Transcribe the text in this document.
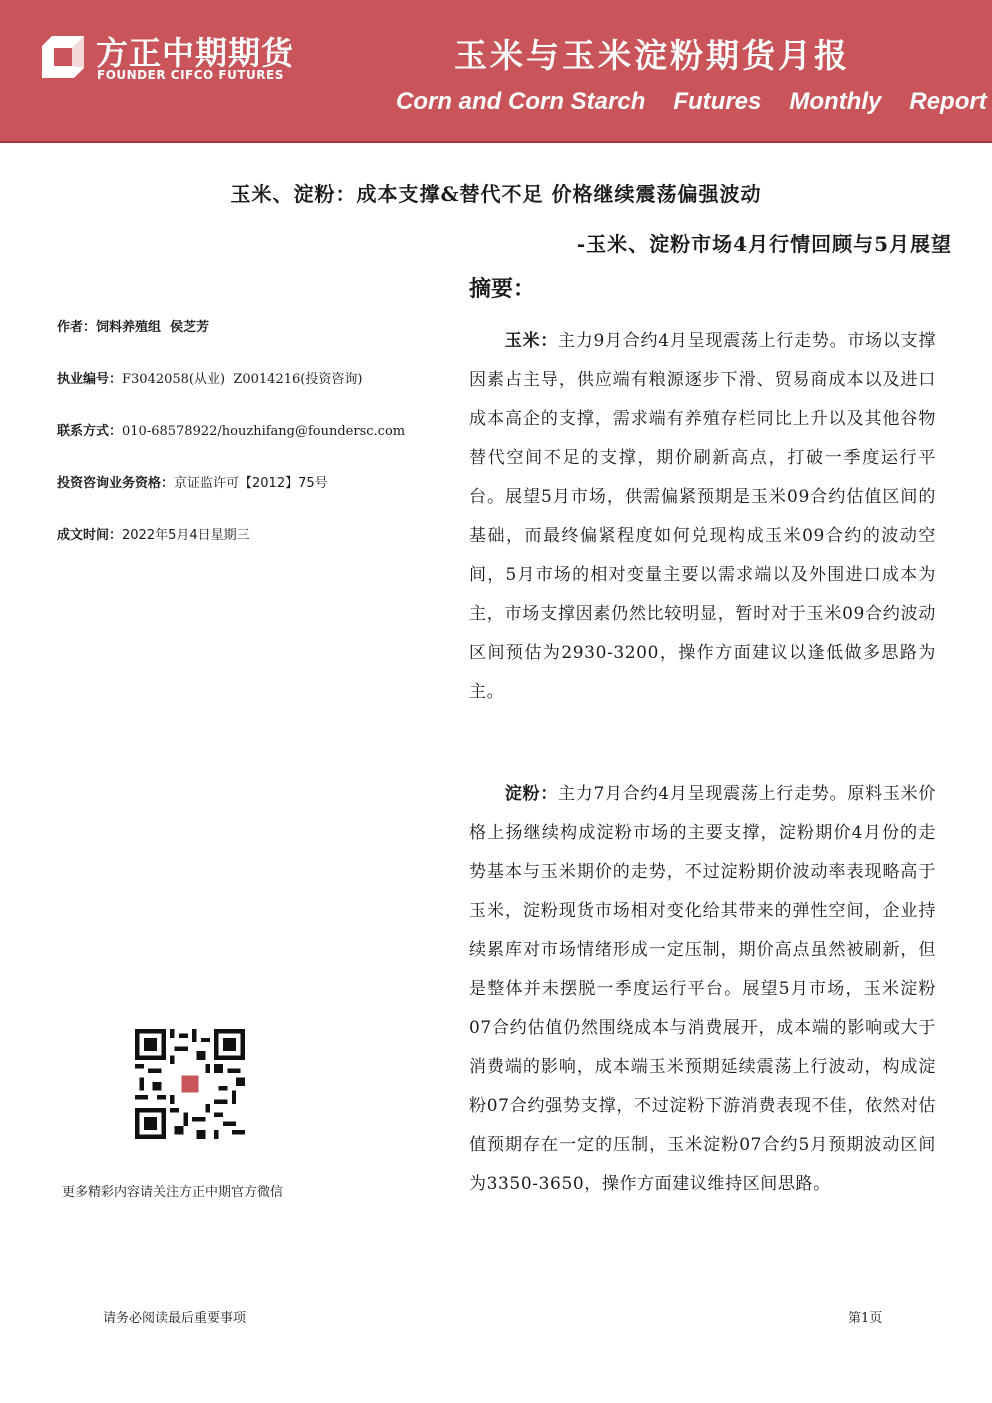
方正中期期货
FOUNDER CIFCO FUTURES	玉米与玉米淀粉期货月报
Corn and Corn Starch Futures Monthly Report
玉米、淀粉：成本支撑&替代不足 价格继续震荡偏强波动
-玉米、淀粉市场4月行情回顾与5月展望
摘要：
作者：饲料养殖组  侯芝芳
执业编号：F3042058(从业)  Z0014216(投资咨询)
联系方式：010-68578922/houzhifang@foundersc.com
投资咨询业务资格：京证监许可【2012】75号
成文时间：2022年5月4日星期三

玉米：主力9月合约4月呈现震荡上行走势。市场以支撑因素占主导，供应端有粮源逐步下滑、贸易商成本以及进口成本高企的支撑，需求端有养殖存栏同比上升以及其他谷物替代空间不足的支撑，期价刷新高点，打破一季度运行平台。展望5月市场，供需偏紧预期是玉米09合约估值区间的基础，而最终偏紧程度如何兑现构成玉米09合约的波动空间，5月市场的相对变量主要以需求端以及外围进口成本为主，市场支撑因素仍然比较明显，暂时对于玉米09合约波动区间预估为2930-3200，操作方面建议以逢低做多思路为主。

淀粉：主力7月合约4月呈现震荡上行走势。原料玉米价格上扬继续构成淀粉市场的主要支撑，淀粉期价4月份的走势基本与玉米期价的走势，不过淀粉期价波动率表现略高于玉米，淀粉现货市场相对变化给其带来的弹性空间，企业持续累库对市场情绪形成一定压制，期价高点虽然被刷新，但是整体并未摆脱一季度运行平台。展望5月市场，玉米淀粉07合约估值仍然围绕成本与消费展开，成本端的影响或大于消费端的影响，成本端玉米预期延续震荡上行波动，构成淀粉07合约强势支撑，不过淀粉下游消费表现不佳，依然对估值预期存在一定的压制，玉米淀粉07合约5月预期波动区间为3350-3650，操作方面建议维持区间思路。

更多精彩内容请关注方正中期官方微信
请务必阅读最后重要事项	第1页
